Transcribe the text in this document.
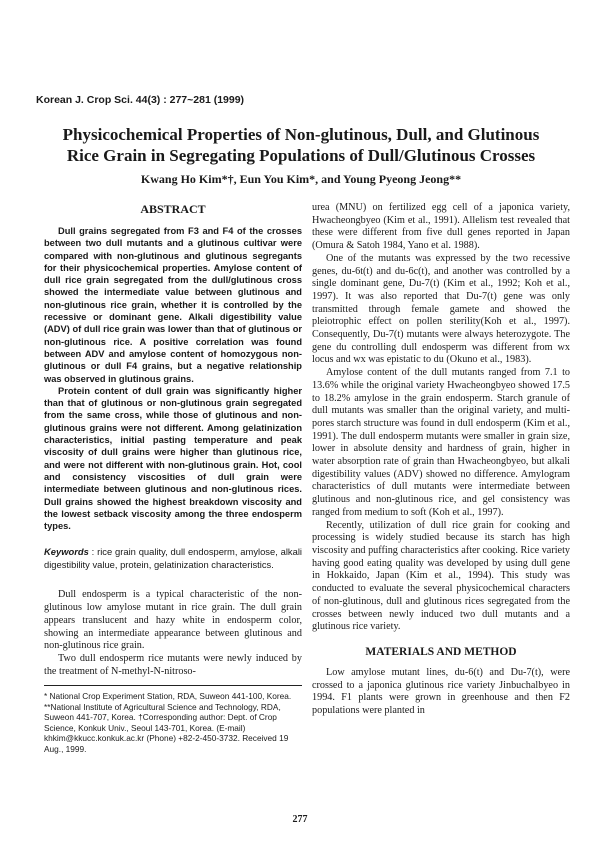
Korean J. Crop Sci. 44(3) : 277~281 (1999)
Physicochemical Properties of Non-glutinous, Dull, and Glutinous
Rice Grain in Segregating Populations of Dull/Glutinous Crosses
Kwang Ho Kim*†, Eun You Kim*, and Young Pyeong Jeong**
ABSTRACT

Dull grains segregated from F3 and F4 of the crosses between two dull mutants and a glutinous cultivar were compared with non-glutinous and glutinous segregants for their physicochemical properties. Amylose content of dull rice grain segregated from the dull/glutinous cross showed the intermediate value between glutinous and non-glutinous rice grain, whether it is controlled by the recessive or dominant gene. Alkali digestibility value (ADV) of dull rice grain was lower than that of glutinous or non-glutinous rice. A positive correlation was found between ADV and amylose content of homozygous non-glutinous or dull F4 grains, but a negative relationship was observed in glutinous grains.

Protein content of dull grain was significantly higher than that of glutinous or non-glutinous grain segregated from the same cross, while those of glutinous and non-glutinous grains were not different. Among gelatinization characteristics, initial pasting temperature and peak viscosity of dull grains were higher than glutinous rice, and were not different with non-glutinous grain. Hot, cool and consistency viscosities of dull grain were intermediate between glutinous and non-glutinous rices. Dull grains showed the highest breakdown viscosity and the lowest setback viscosity among the three endosperm types.

Keywords : rice grain quality, dull endosperm, amylose, alkali digestibility value, protein, gelatinization characteristics.

Dull endosperm is a typical characteristic of the non-glutinous low amylose mutant in rice grain. The dull grain appears translucent and hazy white in endosperm color, showing an intermediate appearance between glutinous and non-glutinous rice grain.

Two dull endosperm rice mutants were newly induced by the treatment of N-methyl-N-nitroso-

* National Crop Experiment Station, RDA, Suweon 441-100, Korea. **National Institute of Agricultural Science and Technology, RDA, Suweon 441-707, Korea. †Corresponding author: Dept. of Crop Science, Konkuk Univ., Seoul 143-701, Korea. (E-mail) khkim@kkucc.konkuk.ac.kr (Phone) +82-2-450-3732. Received 19 Aug., 1999.

urea (MNU) on fertilized egg cell of a japonica variety, Hwacheongbyeo (Kim et al., 1991). Allelism test revealed that these were different from five dull genes reported in Japan (Omura & Satoh 1984, Yano et al. 1988).

One of the mutants was expressed by the two recessive genes, du-6t(t) and du-6c(t), and another was controlled by a single dominant gene, Du-7(t) (Kim et al., 1992; Koh et al., 1997). It was also reported that Du-7(t) gene was only transmitted through female gamete and showed the pleiotrophic effect on pollen sterility(Koh et al., 1997). Consequently, Du-7(t) mutants were always heterozygote. The gene du controlling dull endosperm was different from wx locus and wx was epistatic to du (Okuno et al., 1983).

Amylose content of the dull mutants ranged from 7.1 to 13.6% while the original variety Hwacheongbyeo showed 17.5 to 18.2% amylose in the grain endosperm. Starch granule of dull mutants was smaller than the original variety, and multi-pores starch structure was found in dull endosperm (Kim et al., 1991). The dull endosperm mutants were smaller in grain size, lower in absolute density and hardness of grain, higher in water absorption rate of grain than Hwacheongbyeo, but alkali digestibility values (ADV) showed no difference. Amylogram characteristics of dull mutants were intermediate between glutinous and non-glutinous rice, and gel consistency was ranged from medium to soft (Koh et al., 1997).

Recently, utilization of dull rice grain for cooking and processing is widely studied because its starch has high viscosity and puffing characteristics after cooking. Rice variety having good eating quality was developed by using dull gene in Hokkaido, Japan (Kim et al., 1994). This study was conducted to evaluate the several physicochemical characters of non-glutinous, dull and glutinous rices segregated from the crosses between newly induced two dull mutants and a glutinous rice variety.

MATERIALS AND METHOD

Low amylose mutant lines, du-6(t) and Du-7(t), were crossed to a japonica glutinous rice variety Jinbuchalbyeo in 1994. F1 plants were grown in greenhouse and then F2 populations were planted in

277
